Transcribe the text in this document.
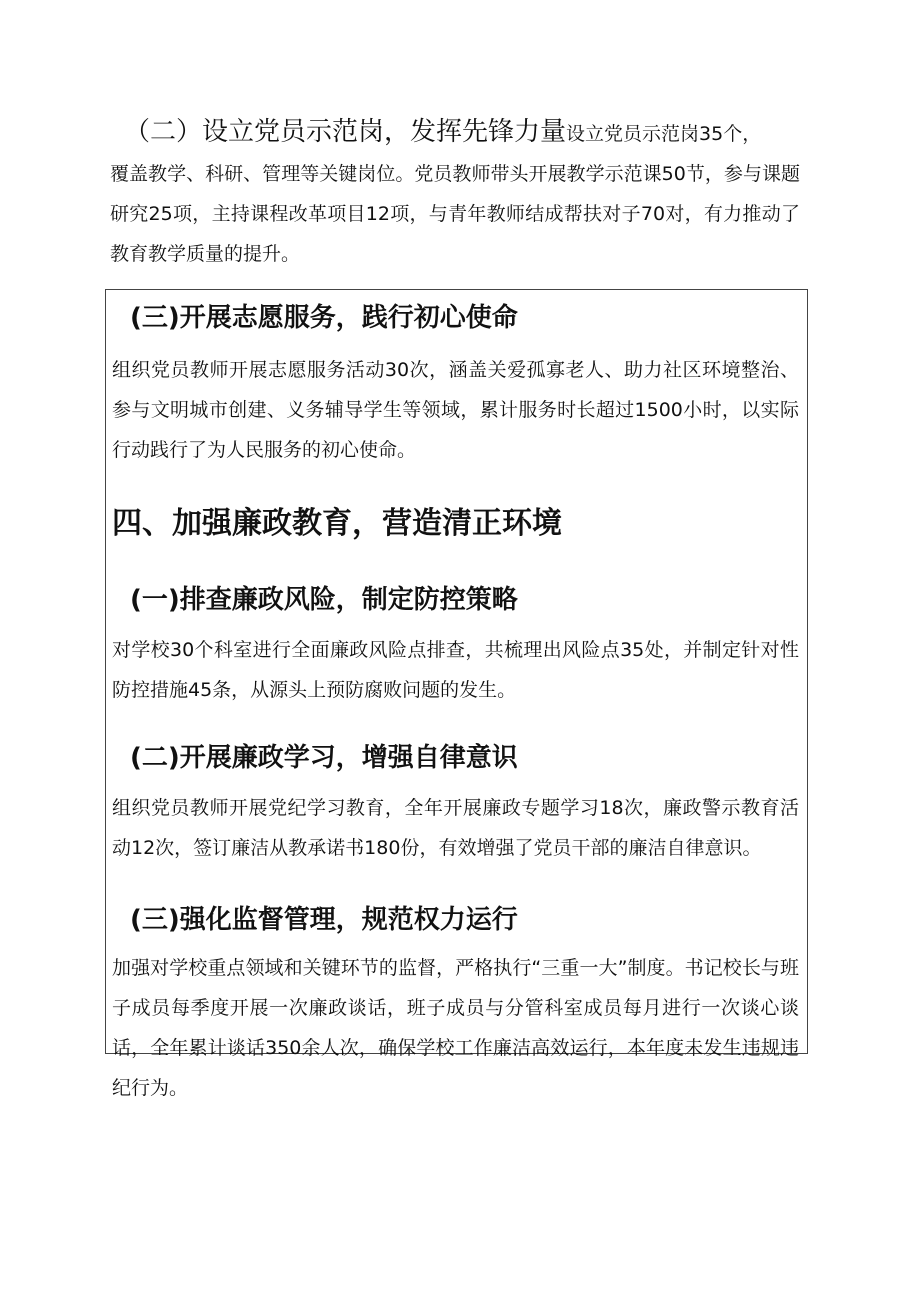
（二）设立党员示范岗，发挥先锋力量设立党员示范岗35个，

覆盖教学、科研、管理等关键岗位。党员教师带头开展教学示范课50节，参与课题研究25项，主持课程改革项目12项，与青年教师结成帮扶对子70对，有力推动了教育教学质量的提升。

(三)开展志愿服务，践行初心使命

组织党员教师开展志愿服务活动30次，涵盖关爱孤寡老人、助力社区环境整治、参与文明城市创建、义务辅导学生等领域，累计服务时长超过1500小时，以实际行动践行了为人民服务的初心使命。

四、加强廉政教育，营造清正环境
(一)排查廉政风险，制定防控策略

对学校30个科室进行全面廉政风险点排查，共梳理出风险点35处，并制定针对性防控措施45条，从源头上预防腐败问题的发生。

(二)开展廉政学习，增强自律意识

组织党员教师开展党纪学习教育，全年开展廉政专题学习18次，廉政警示教育活动12次，签订廉洁从教承诺书180份，有效增强了党员干部的廉洁自律意识。

(三)强化监督管理，规范权力运行

加强对学校重点领域和关键环节的监督，严格执行“三重一大”制度。书记校长与班子成员每季度开展一次廉政谈话，班子成员与分管科室成员每月进行一次谈心谈话，全年累计谈话350余人次，确保学校工作廉洁高效运行，本年度未发生违规违纪行为。
